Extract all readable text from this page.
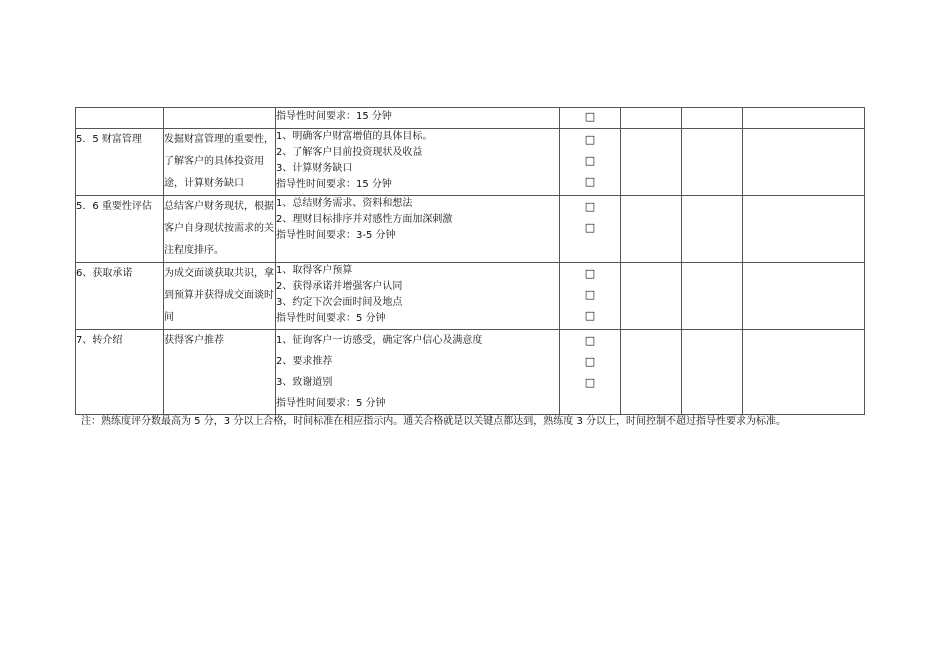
		指导性时间要求：15 分钟	□			

5．5 财富管理	发掘财富管理的重要性，
了解客户的具体投资用
途，计算财务缺口	1、明确客户财富增值的具体目标。
2、了解客户目前投资现状及收益
3、计算财务缺口
指导性时间要求：15 分钟	□
□
□			

5．6 重要性评估	总结客户财务现状，根据
客户自身现状按需求的关
注程度排序。	1、总结财务需求、资料和想法
2、理财目标排序并对感性方面加深刺激
指导性时间要求：3-5 分钟	□
□			

6、获取承诺	为成交面谈获取共识，拿
到预算并获得成交面谈时
间	1、取得客户预算
2、获得承诺并增强客户认同
3、约定下次会面时间及地点
指导性时间要求：5 分钟	□
□
□			

7、转介绍	获得客户推荐	1、征询客户一访感受，确定客户信心及满意度
2、要求推荐
3、致谢道别
指导性时间要求：5 分钟	□
□
□			

注：熟练度评分数最高为 5 分，3 分以上合格，时间标准在相应指示内。通关合格就是以关键点都达到，熟练度 3 分以上，时间控制不超过指导性要求为标准。
